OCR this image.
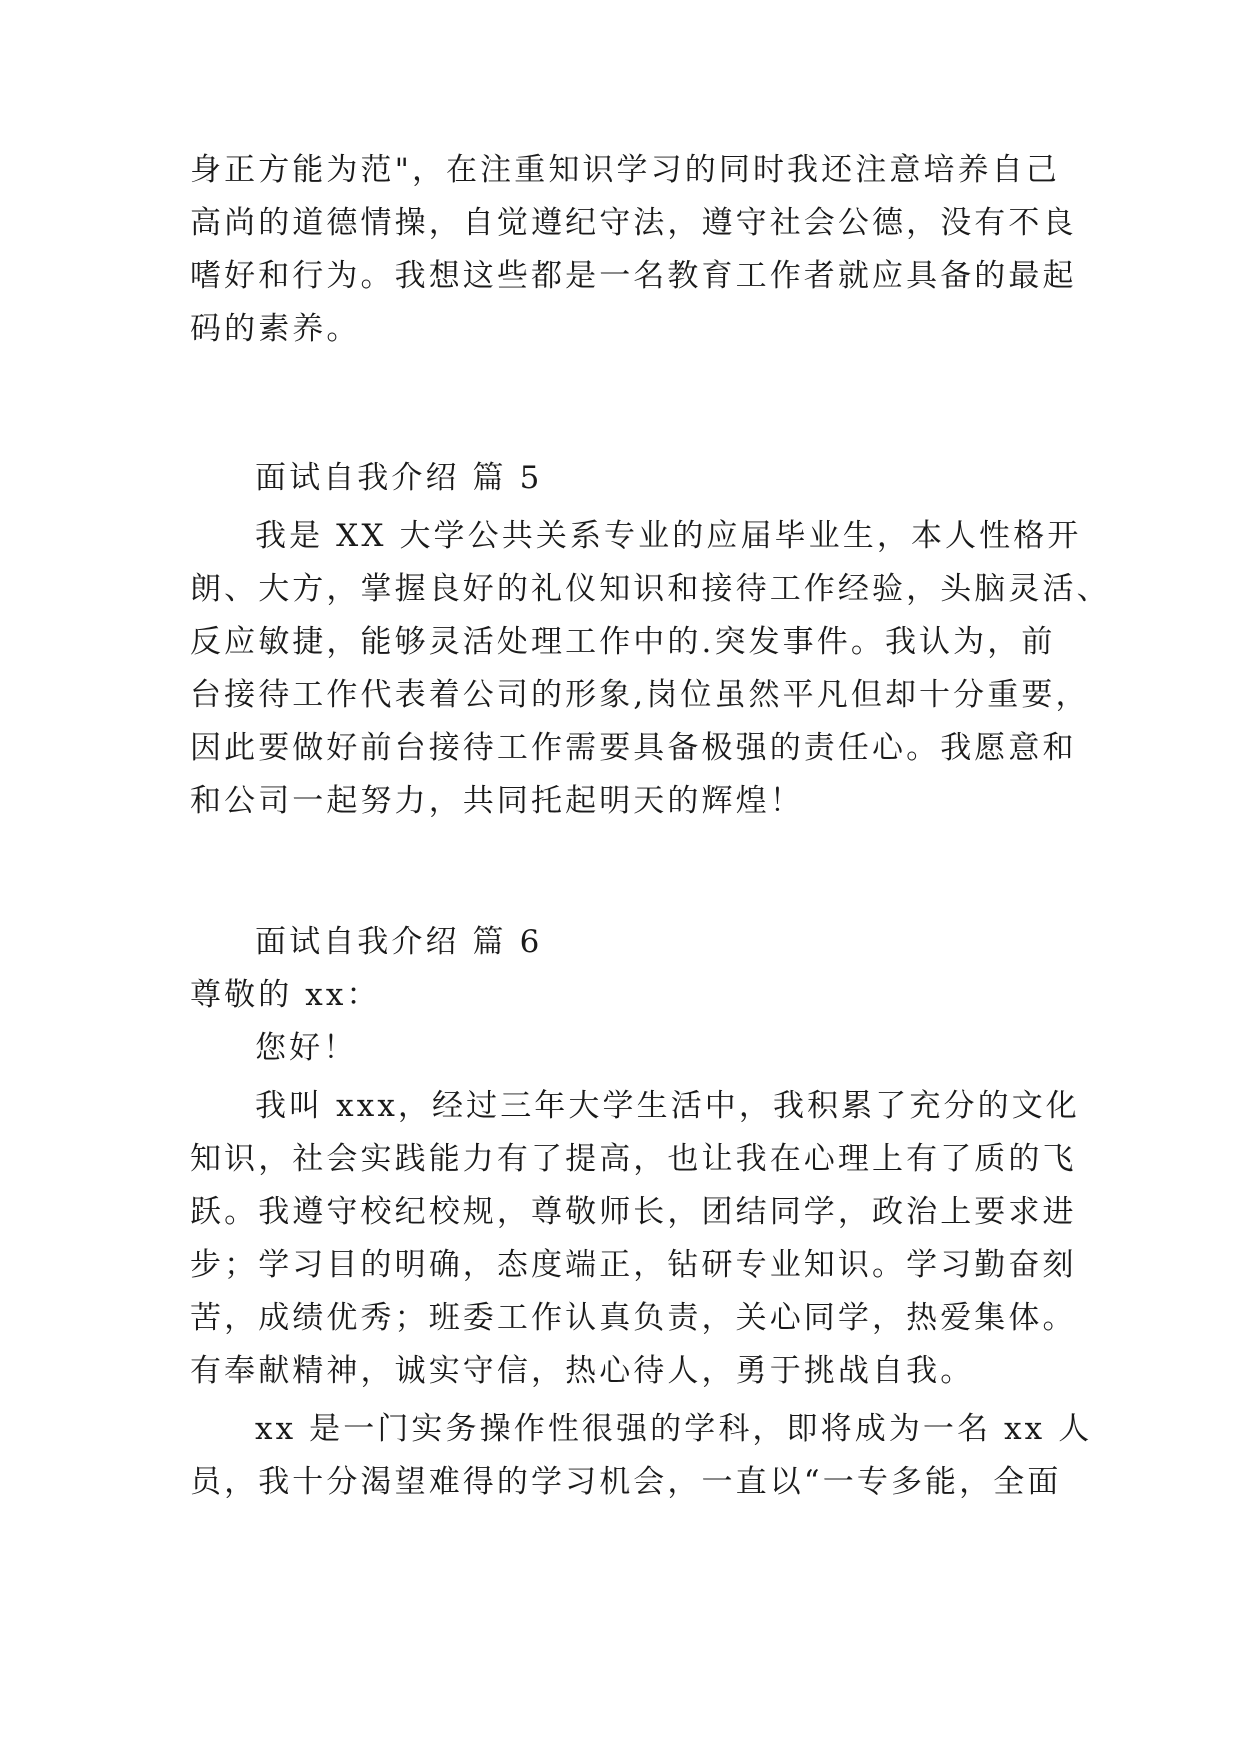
身正方能为范"，在注重知识学习的同时我还注意培养自己
高尚的道德情操，自觉遵纪守法，遵守社会公德，没有不良
嗜好和行为。我想这些都是一名教育工作者就应具备的最起
码的素养。
面试自我介绍 篇 5
我是 XX 大学公共关系专业的应届毕业生，本人性格开
朗、大方，掌握良好的礼仪知识和接待工作经验，头脑灵活、
反应敏捷，能够灵活处理工作中的.突发事件。我认为，前
台接待工作代表着公司的形象,岗位虽然平凡但却十分重要，
因此要做好前台接待工作需要具备极强的责任心。我愿意和
和公司一起努力，共同托起明天的辉煌！
面试自我介绍 篇 6
尊敬的 xx：
您好！
我叫 xxx，经过三年大学生活中，我积累了充分的文化
知识，社会实践能力有了提高，也让我在心理上有了质的飞
跃。我遵守校纪校规，尊敬师长，团结同学，政治上要求进
步；学习目的明确，态度端正，钻研专业知识。学习勤奋刻
苦，成绩优秀；班委工作认真负责，关心同学，热爱集体。
有奉献精神，诚实守信，热心待人，勇于挑战自我。
xx 是一门实务操作性很强的学科，即将成为一名 xx 人
员，我十分渴望难得的学习机会，一直以“一专多能，全面
